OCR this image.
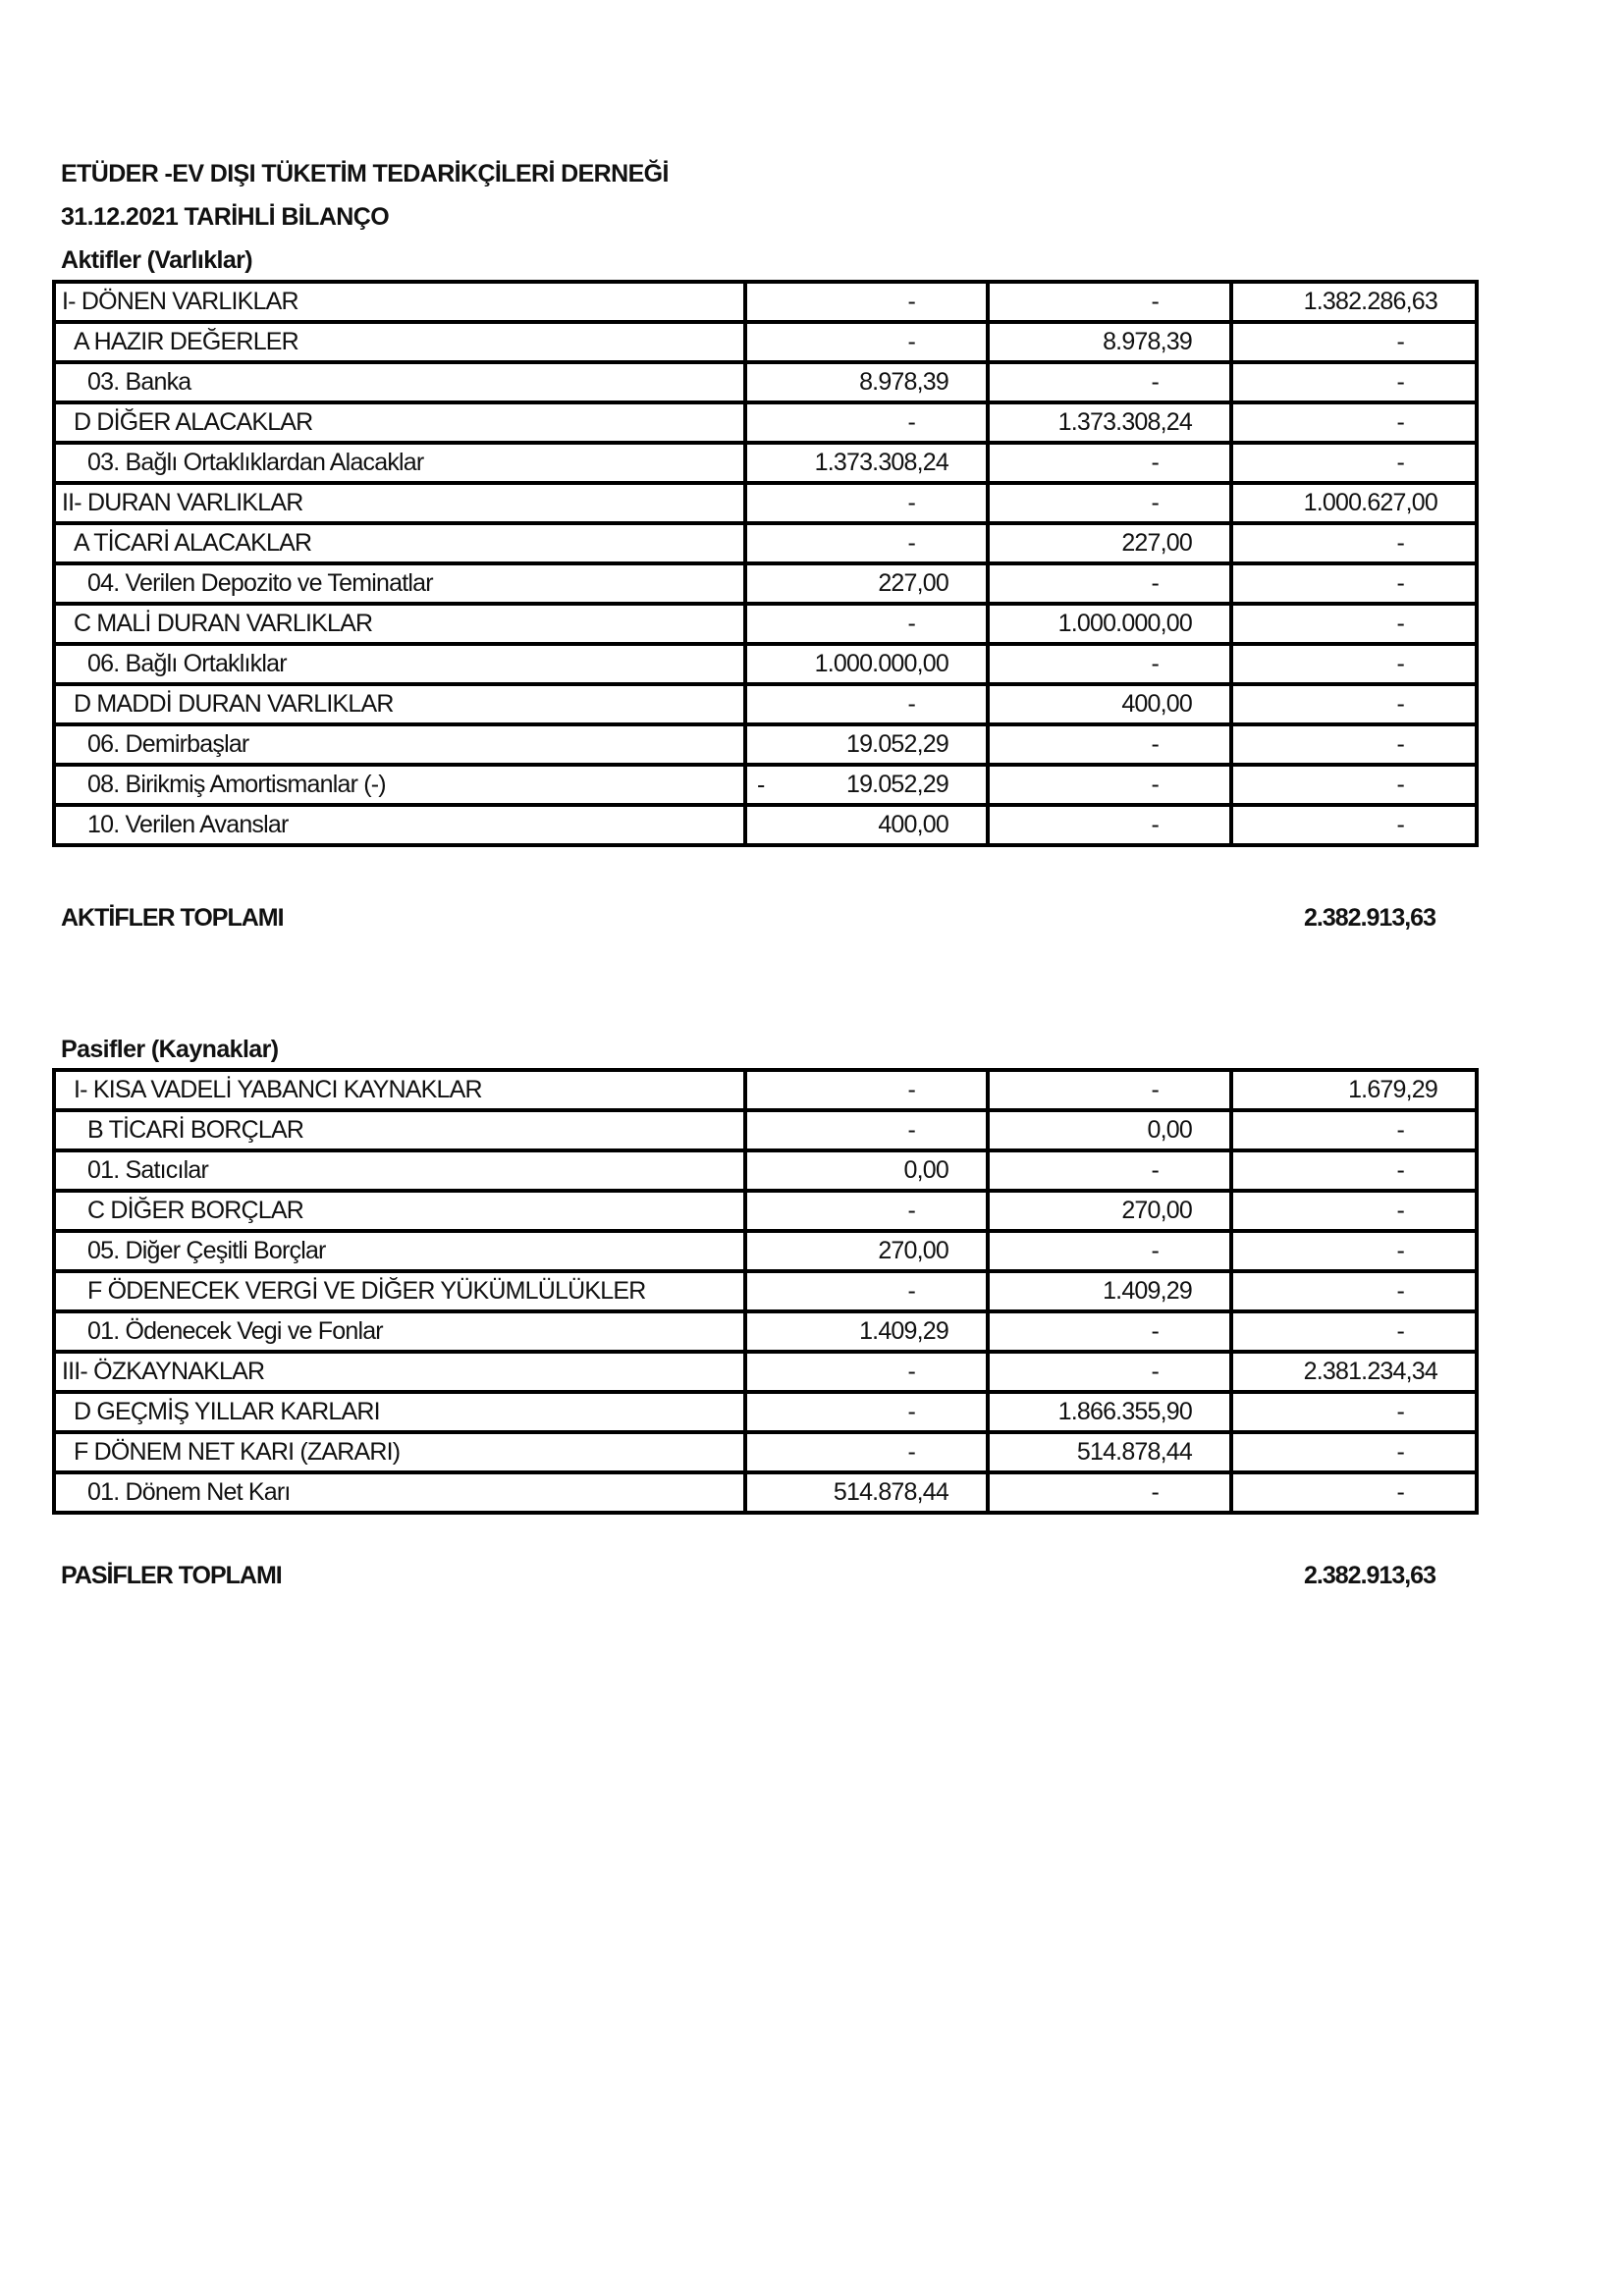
ETÜDER -EV DIŞI TÜKETİM TEDARİKÇİLERİ DERNEĞİ
31.12.2021 TARİHLİ BİLANÇO
Aktifler (Varlıklar)
I- DÖNEN VARLIKLAR	-	-	1.382.286,63
A HAZIR DEĞERLER	-	8.978,39	-
03. Banka	8.978,39	-	-
D DİĞER ALACAKLAR	-	1.373.308,24	-
03. Bağlı Ortaklıklardan Alacaklar	1.373.308,24	-	-
II- DURAN VARLIKLAR	-	-	1.000.627,00
A TİCARİ ALACAKLAR	-	227,00	-
04. Verilen Depozito ve Teminatlar	227,00	-	-
C MALİ DURAN VARLIKLAR	-	1.000.000,00	-
06. Bağlı Ortaklıklar	1.000.000,00	-	-
D MADDİ DURAN VARLIKLAR	-	400,00	-
06. Demirbaşlar	19.052,29	-	-
08. Birikmiş Amortismanlar (-)	- 19.052,29	-	-
10. Verilen Avanslar	400,00	-	-
AKTİFLER TOPLAMI	2.382.913,63
Pasifler (Kaynaklar)
I- KISA VADELİ YABANCI KAYNAKLAR	-	-	1.679,29
B TİCARİ BORÇLAR	-	0,00	-
01. Satıcılar	0,00	-	-
C DİĞER BORÇLAR	-	270,00	-
05. Diğer Çeşitli Borçlar	270,00	-	-
F ÖDENECEK VERGİ VE DİĞER YÜKÜMLÜLÜKLER	-	1.409,29	-
01. Ödenecek Vegi ve Fonlar	1.409,29	-	-
III- ÖZKAYNAKLAR	-	-	2.381.234,34
D GEÇMİŞ YILLAR KARLARI	-	1.866.355,90	-
F DÖNEM NET KARI (ZARARI)	-	514.878,44	-
01. Dönem Net Karı	514.878,44	-	-
PASİFLER TOPLAMI	2.382.913,63
